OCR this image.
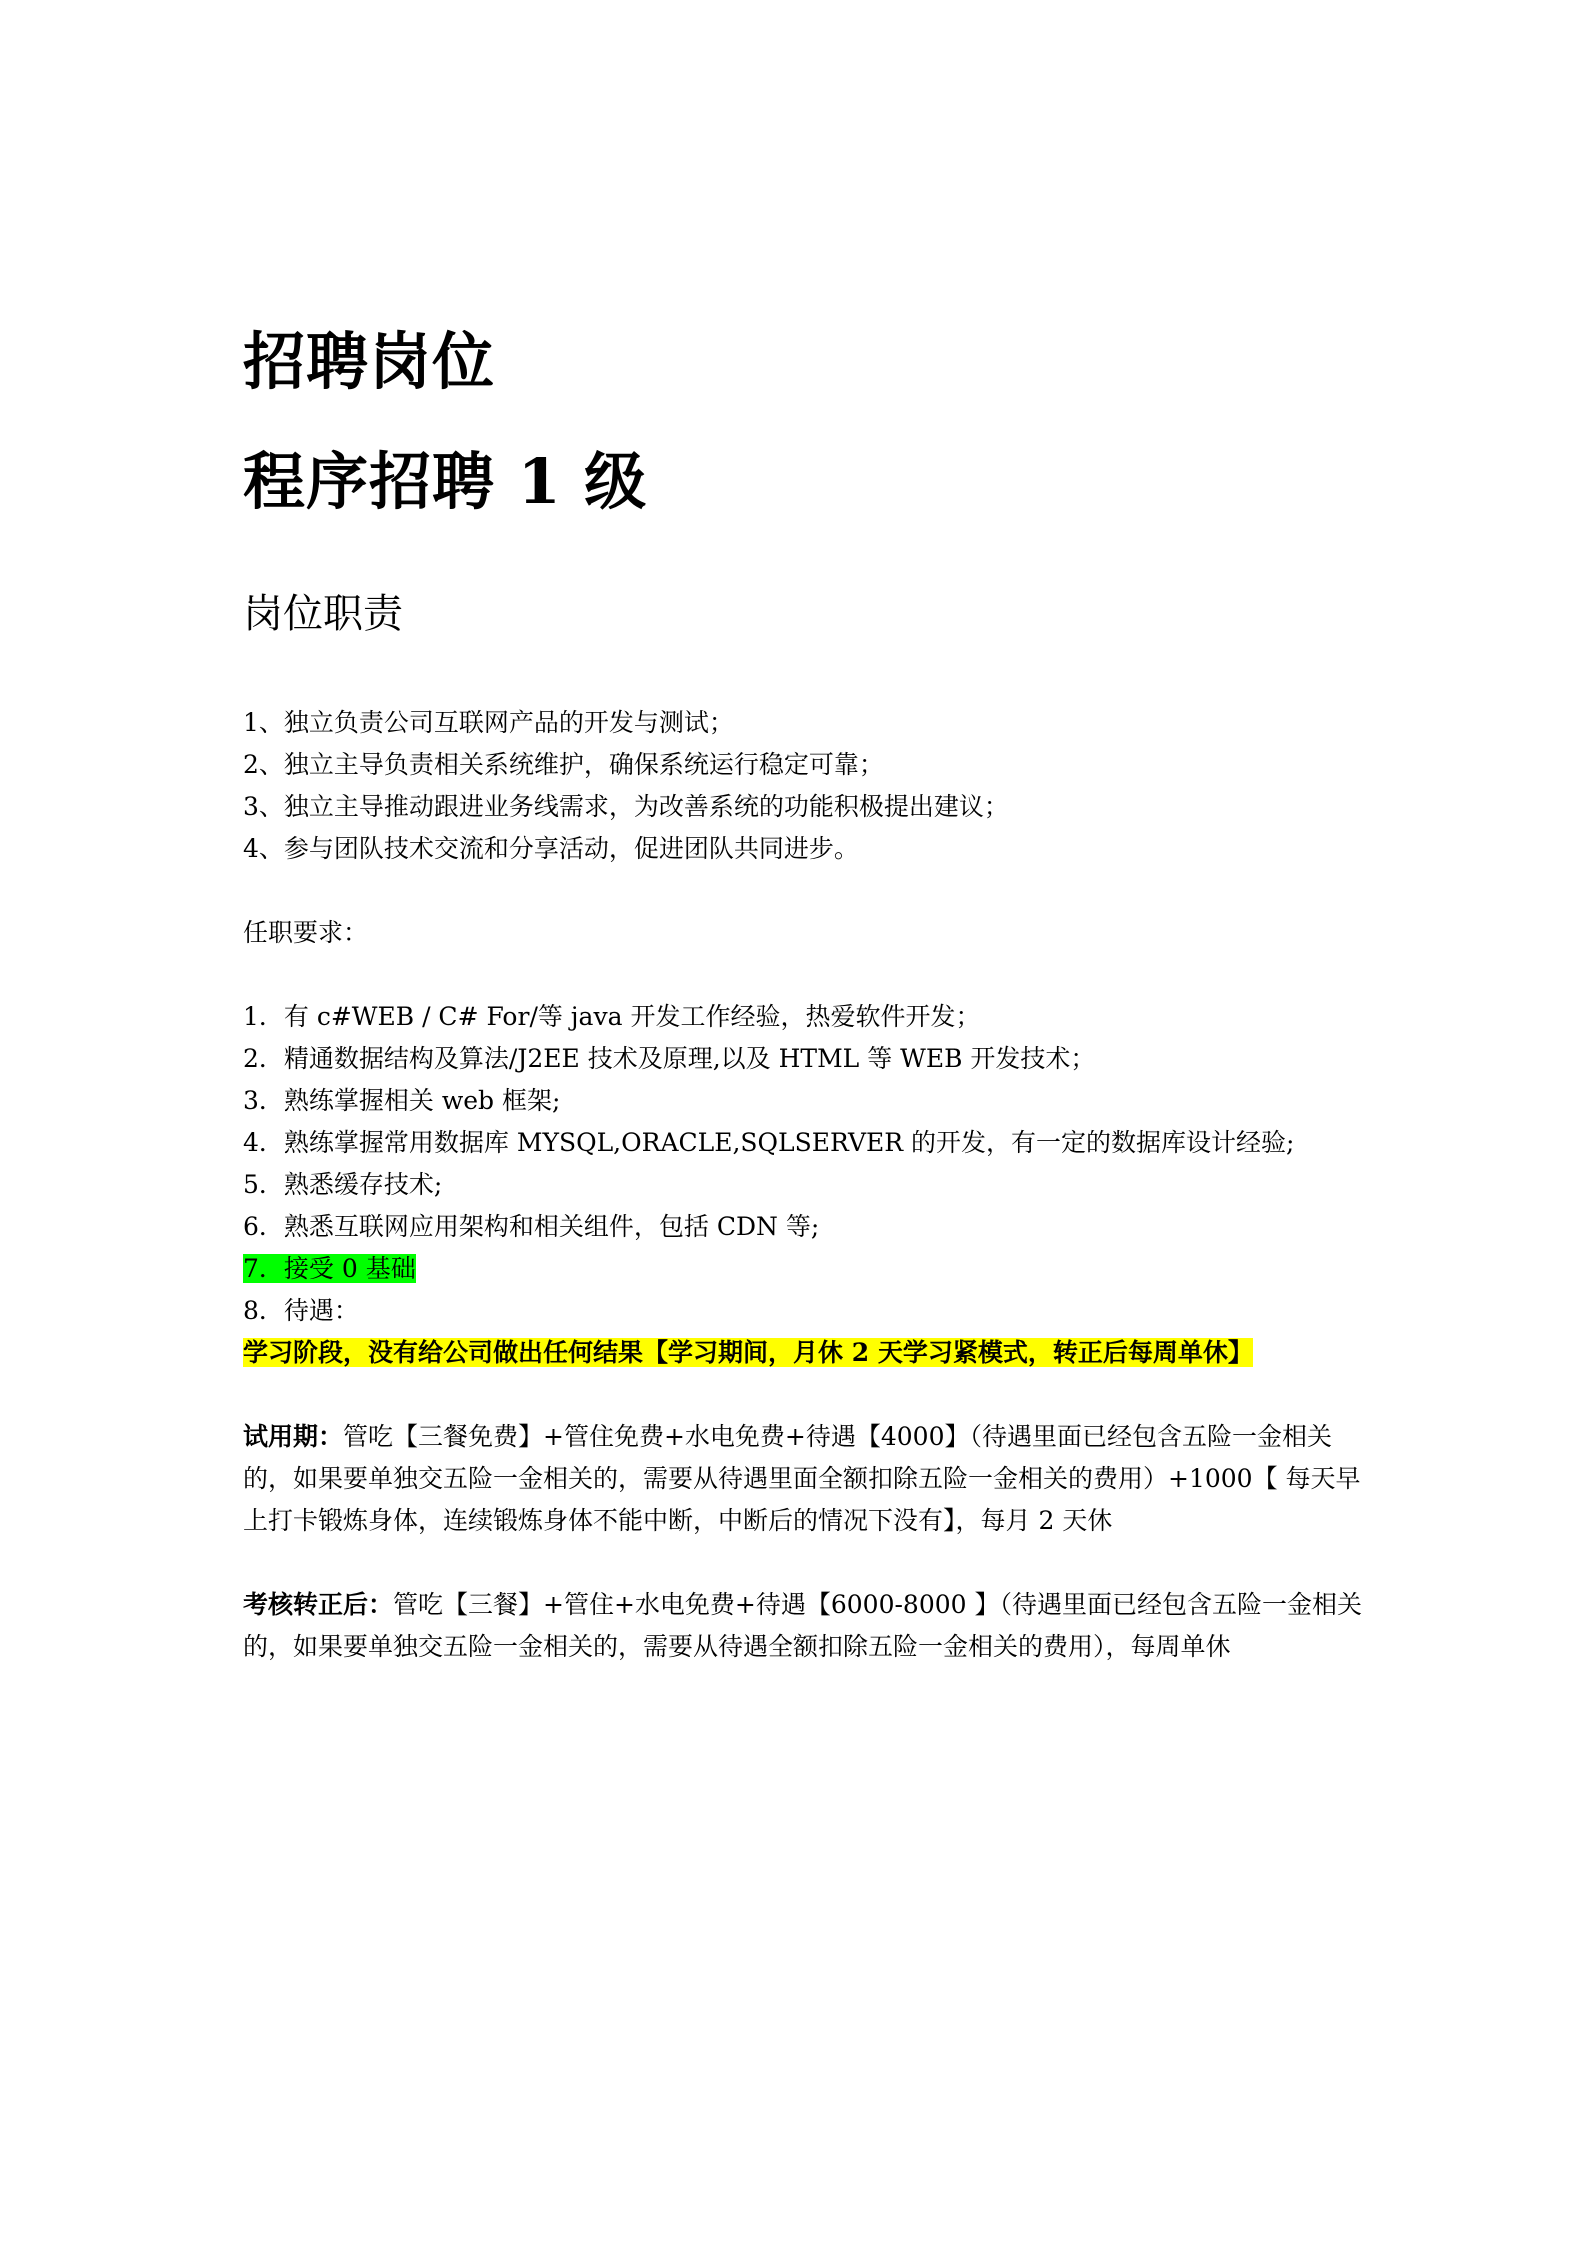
招聘岗位
程序招聘 1 级
岗位职责

1、独立负责公司互联网产品的开发与测试；

2、独立主导负责相关系统维护，确保系统运行稳定可靠；

3、独立主导推动跟进业务线需求，为改善系统的功能积极提出建议；

4、参与团队技术交流和分享活动，促进团队共同进步。

任职要求：

1．有 c#WEB / C# For/等 java 开发工作经验，热爱软件开发；

2．精通数据结构及算法/J2EE 技术及原理,以及 HTML 等 WEB 开发技术；

3．熟练掌握相关 web 框架;

4．熟练掌握常用数据库 MYSQL,ORACLE,SQLSERVER 的开发，有一定的数据库设计经验;

5．熟悉缓存技术;

6．熟悉互联网应用架构和相关组件，包括 CDN 等;

7．接受 0 基础

8．待遇：

学习阶段，没有给公司做出任何结果【学习期间，月休 2 天学习紧模式，转正后每周单休】

试用期：管吃【三餐免费】+管住免费+水电免费+待遇【4000】（待遇里面已经包含五险一金相关的，如果要单独交五险一金相关的，需要从待遇里面全额扣除五险一金相关的费用）+1000【 每天早上打卡锻炼身体，连续锻炼身体不能中断，中断后的情况下没有】，每月 2 天休

考核转正后：管吃【三餐】+管住+水电免费+待遇【6000-8000 】（待遇里面已经包含五险一金相关的，如果要单独交五险一金相关的，需要从待遇全额扣除五险一金相关的费用），每周单休
